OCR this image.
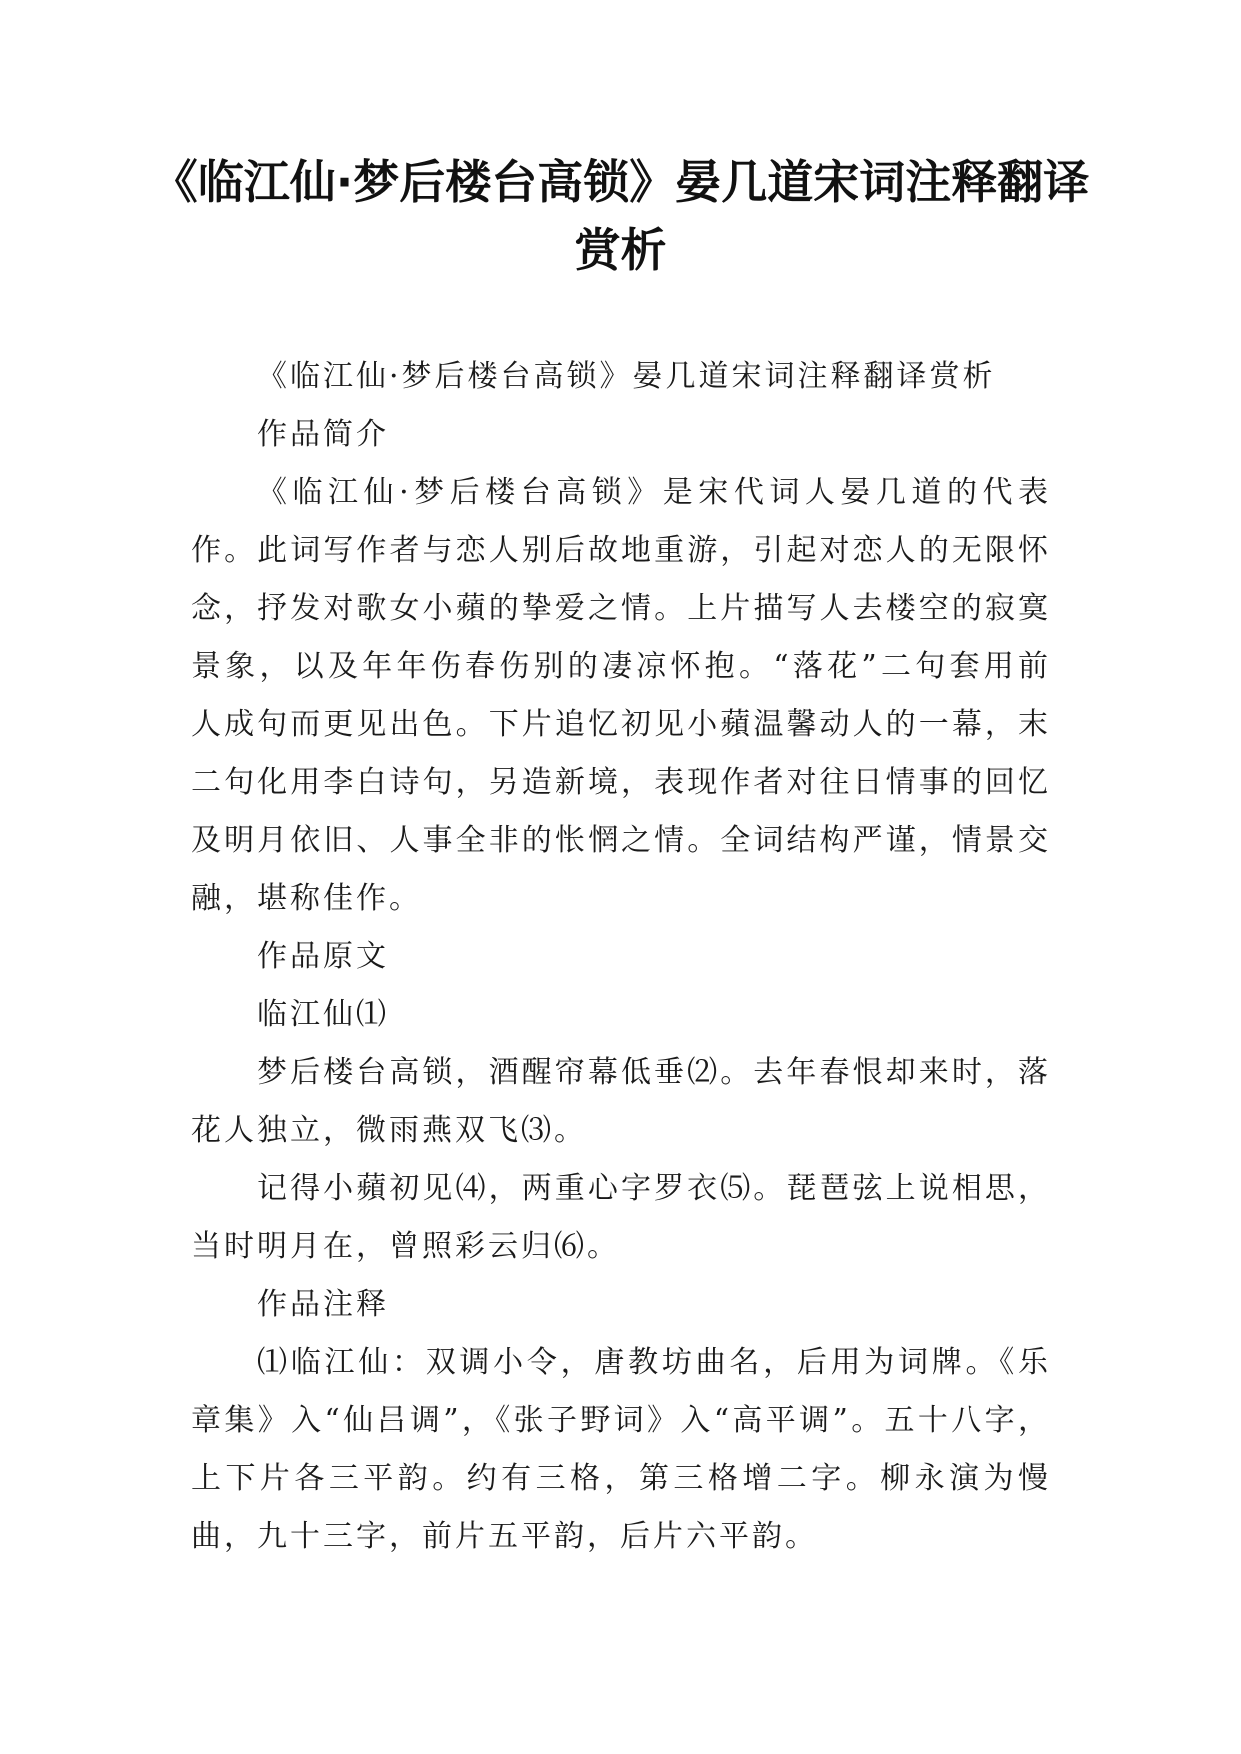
《临江仙·梦后楼台高锁》晏几道宋词注释翻译赏析

《临江仙·梦后楼台高锁》晏几道宋词注释翻译赏析

作品简介

《临江仙·梦后楼台高锁》是宋代词人晏几道的代表作。此词写作者与恋人别后故地重游，引起对恋人的无限怀念，抒发对歌女小蘋的挚爱之情。上片描写人去楼空的寂寞景象，以及年年伤春伤别的凄凉怀抱。“落花”二句套用前人成句而更见出色。下片追忆初见小蘋温馨动人的一幕，末二句化用李白诗句，另造新境，表现作者对往日情事的回忆及明月依旧、人事全非的怅惘之情。全词结构严谨，情景交融，堪称佳作。

作品原文

临江仙⑴

梦后楼台高锁，酒醒帘幕低垂⑵。去年春恨却来时，落花人独立，微雨燕双飞⑶。

记得小蘋初见⑷，两重心字罗衣⑸。琵琶弦上说相思，当时明月在，曾照彩云归⑹。

作品注释

⑴临江仙：双调小令，唐教坊曲名，后用为词牌。《乐章集》入“仙吕调”，《张子野词》入“高平调”。五十八字，上下片各三平韵。约有三格，第三格增二字。柳永演为慢曲，九十三字，前片五平韵，后片六平韵。
